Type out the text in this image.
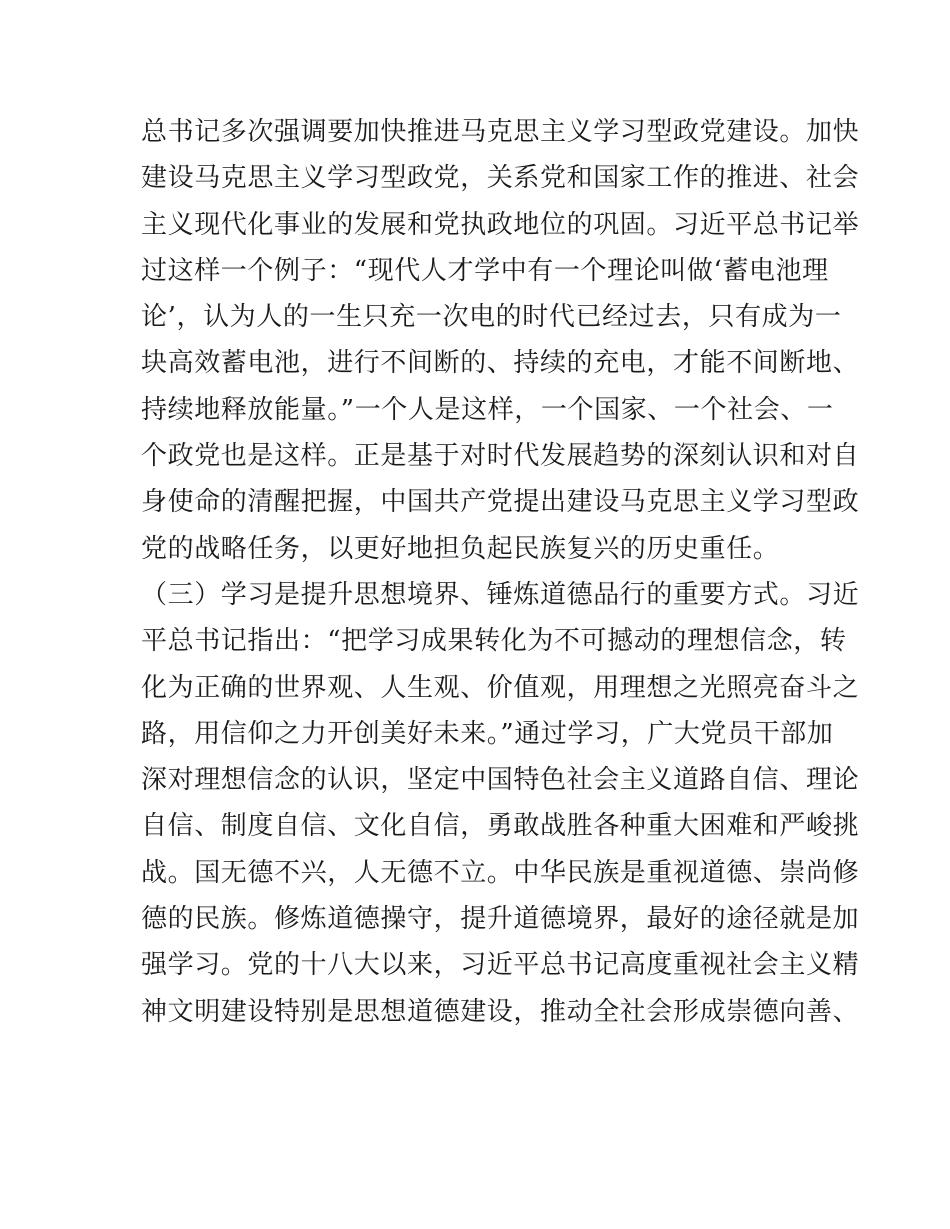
总书记多次强调要加快推进马克思主义学习型政党建设。加快
建设马克思主义学习型政党，关系党和国家工作的推进、社会
主义现代化事业的发展和党执政地位的巩固。习近平总书记举
过这样一个例子：“现代人才学中有一个理论叫做‘蓄电池理
论’，认为人的一生只充一次电的时代已经过去，只有成为一
块高效蓄电池，进行不间断的、持续的充电，才能不间断地、
持续地释放能量。”一个人是这样，一个国家、一个社会、一
个政党也是这样。正是基于对时代发展趋势的深刻认识和对自
身使命的清醒把握，中国共产党提出建设马克思主义学习型政
党的战略任务，以更好地担负起民族复兴的历史重任。
（三）学习是提升思想境界、锤炼道德品行的重要方式。习近
平总书记指出：“把学习成果转化为不可撼动的理想信念，转
化为正确的世界观、人生观、价值观，用理想之光照亮奋斗之
路，用信仰之力开创美好未来。”通过学习，广大党员干部加
深对理想信念的认识，坚定中国特色社会主义道路自信、理论
自信、制度自信、文化自信，勇敢战胜各种重大困难和严峻挑
战。国无德不兴，人无德不立。中华民族是重视道德、崇尚修
德的民族。修炼道德操守，提升道德境界，最好的途径就是加
强学习。党的十八大以来，习近平总书记高度重视社会主义精
神文明建设特别是思想道德建设，推动全社会形成崇德向善、
